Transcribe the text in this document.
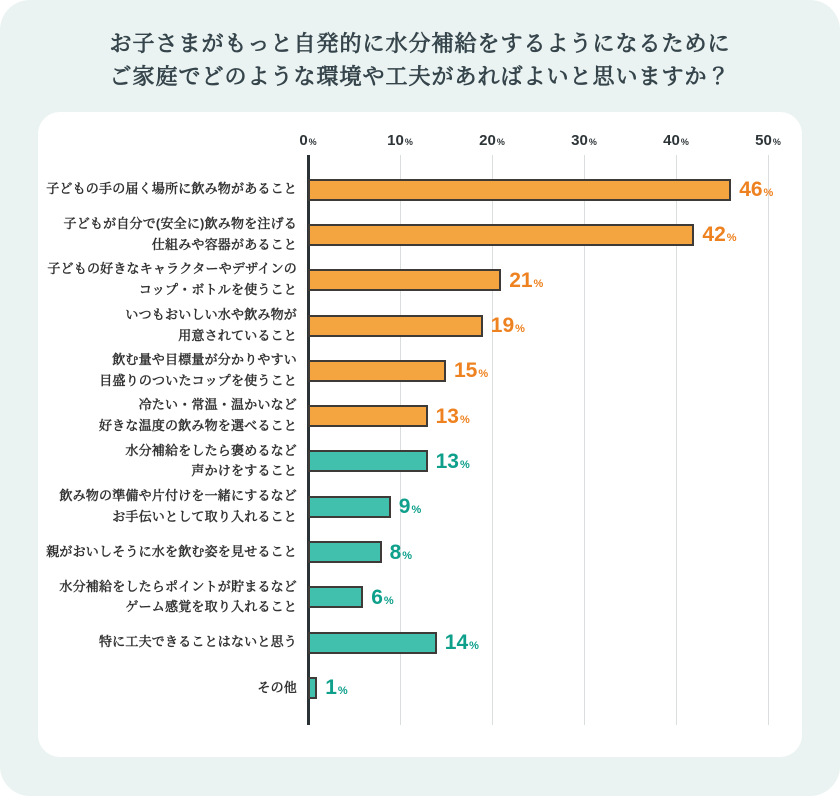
お子さまがもっと自発的に水分補給をするようになるために
ご家庭でどのような環境や工夫があればよいと思いますか？
0%	10%	20%	30%	40%	50%
子どもの手の届く場所に飲み物があること	46%
子どもが自分で(安全に)飲み物を注げる
仕組みや容器があること	42%
子どもの好きなキャラクターやデザインの
コップ・ボトルを使うこと	21%
いつもおいしい水や飲み物が
用意されていること	19%
飲む量や目標量が分かりやすい
目盛りのついたコップを使うこと	15%
冷たい・常温・温かいなど
好きな温度の飲み物を選べること	13%
水分補給をしたら褒めるなど
声かけをすること	13%
飲み物の準備や片付けを一緒にするなど
お手伝いとして取り入れること	9%
親がおいしそうに水を飲む姿を見せること	8%
水分補給をしたらポイントが貯まるなど
ゲーム感覚を取り入れること	6%
特に工夫できることはないと思う	14%
その他	1%
